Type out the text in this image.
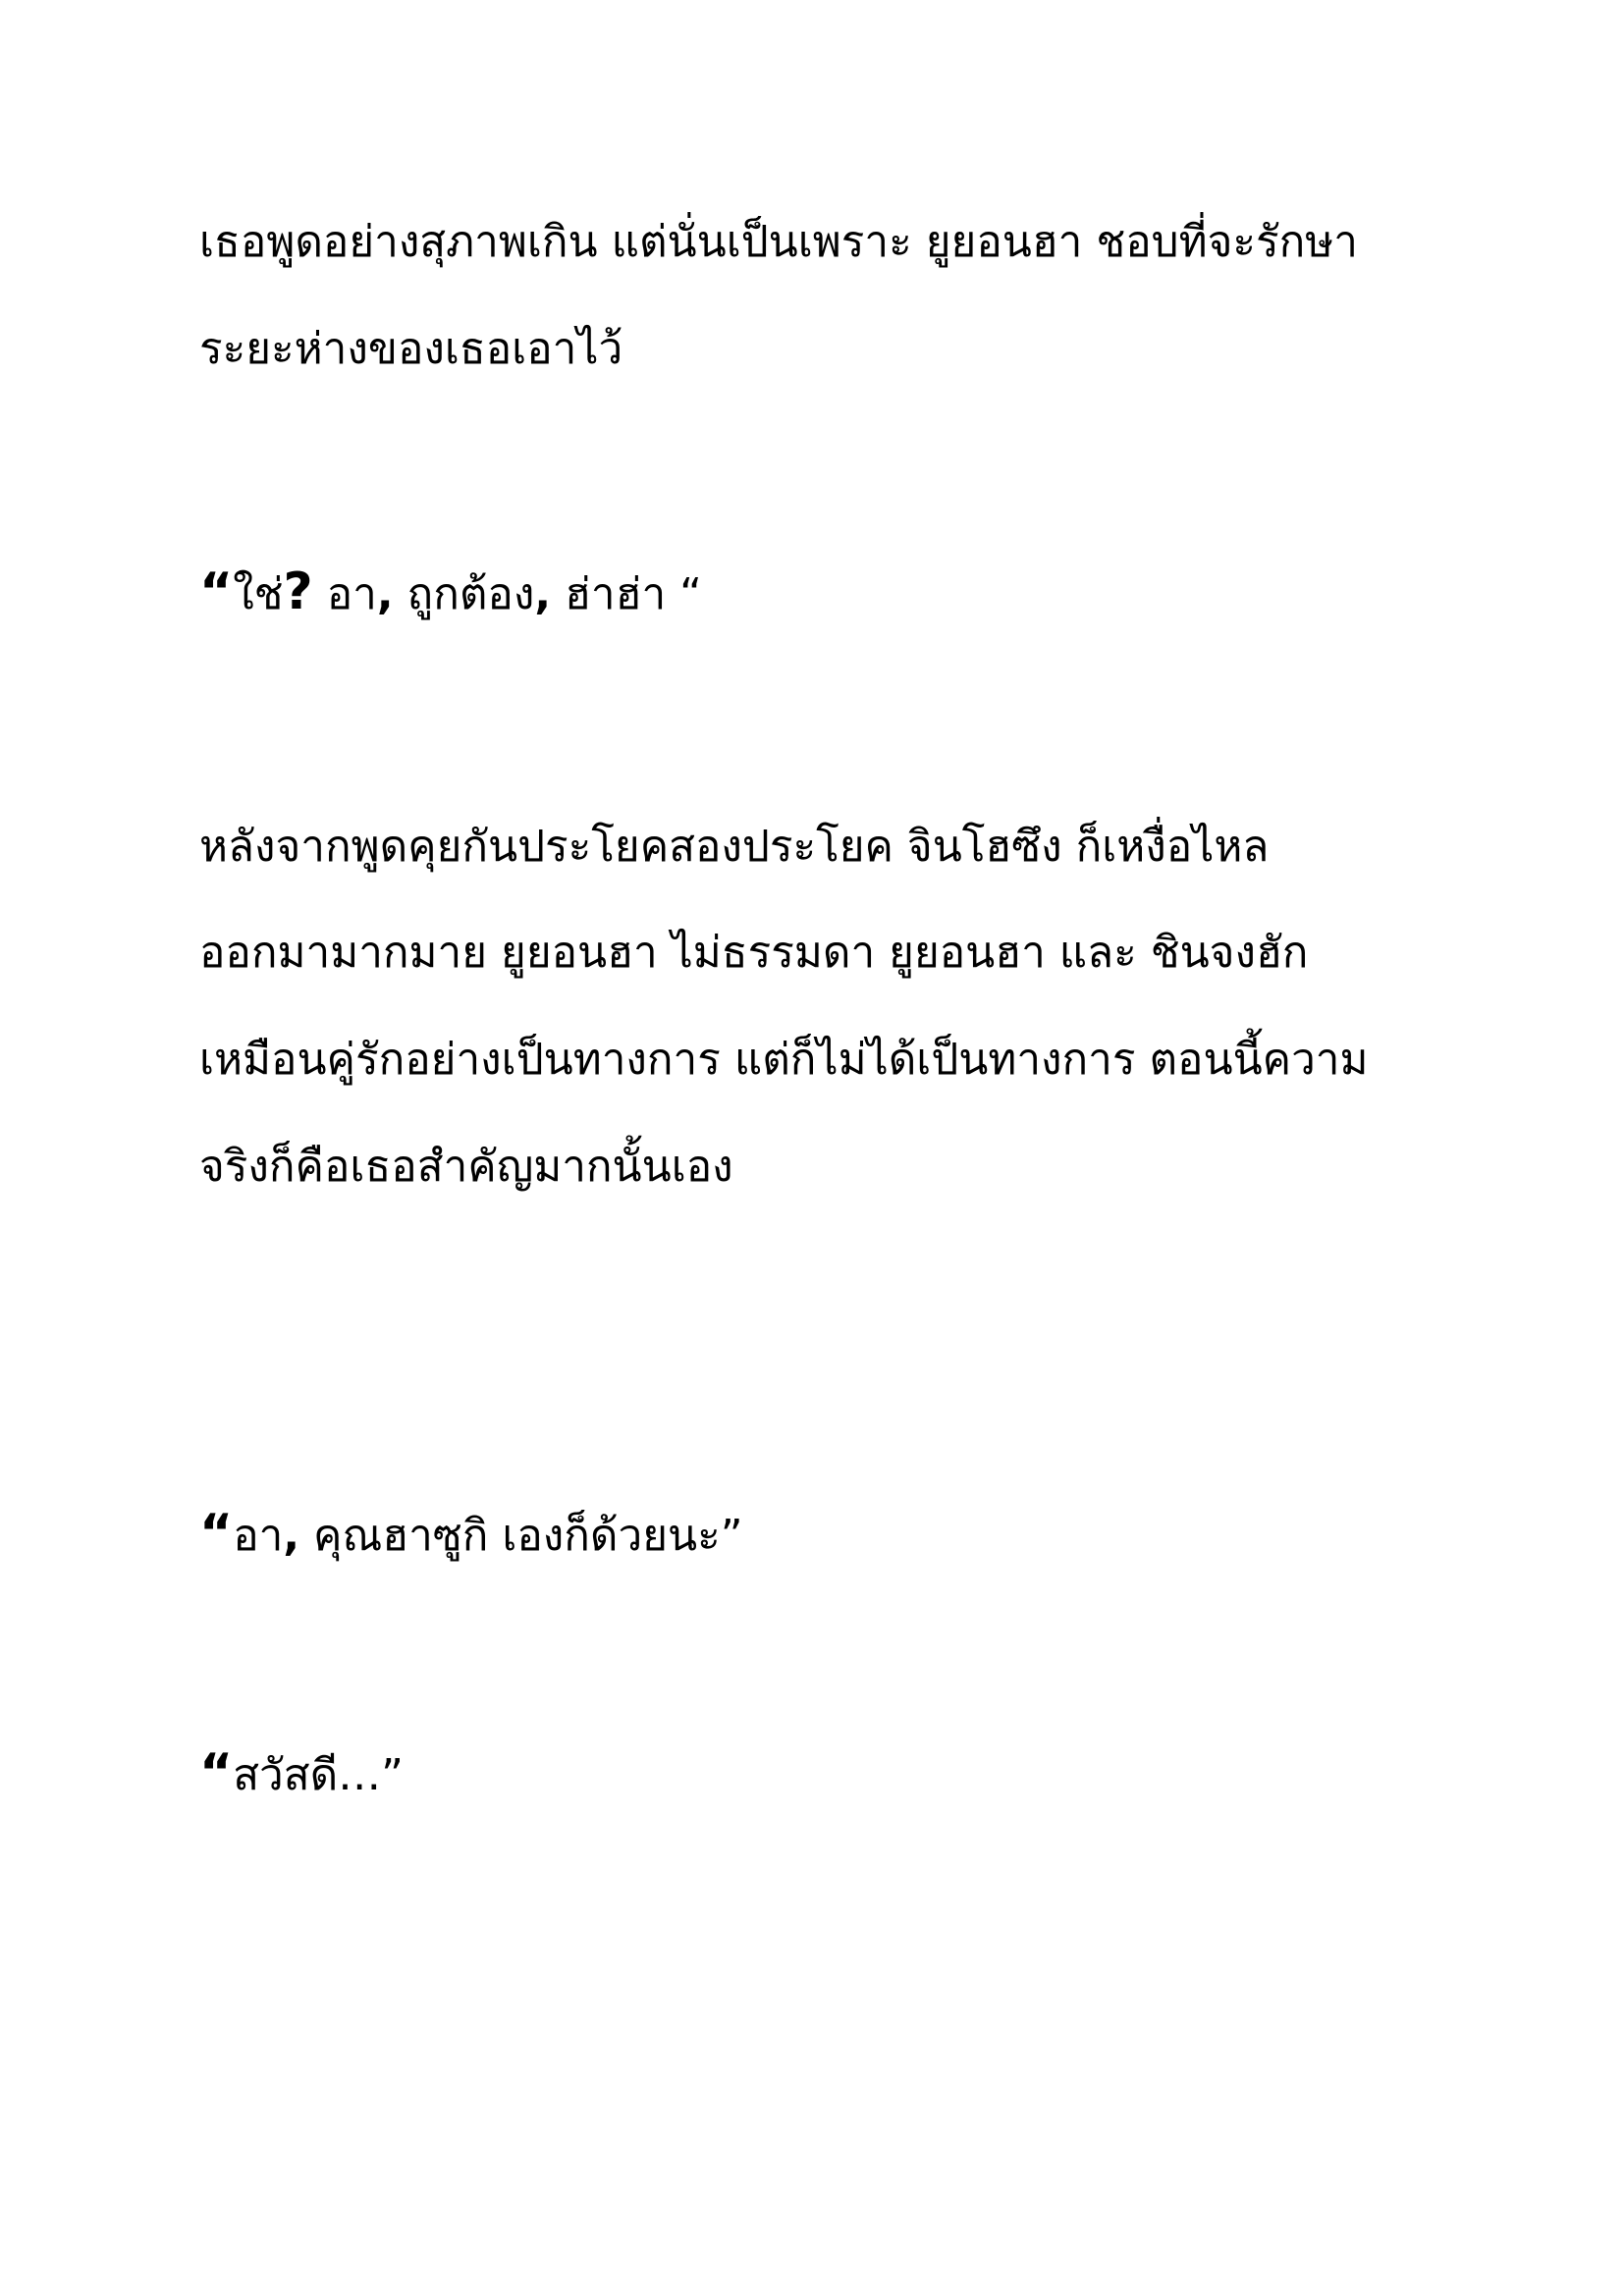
เธอพูดอย่างสุภาพเกิน แต่นั่นเป็นเพราะ ยูยอนฮา ชอบที่จะรักษา

ระยะห่างของเธอเอาไว้

“ใช่? อา, ถูกต้อง, ฮ่าฮ่า “

หลังจากพูดคุยกันประโยคสองประโยค จินโฮซึง ก็เหงื่อไหล

ออกมามากมาย ยูยอนฮา ไม่ธรรมดา ยูยอนฮา และ ชินจงฮัก

เหมือนคู่รักอย่างเป็นทางการ แต่ก็ไม่ได้เป็นทางการ ตอนนี้ความ

จริงก็คือเธอสำคัญมากนั้นเอง

“อา, คุณฮาซูกิ เองก็ด้วยนะ”

“สวัสดี…”
